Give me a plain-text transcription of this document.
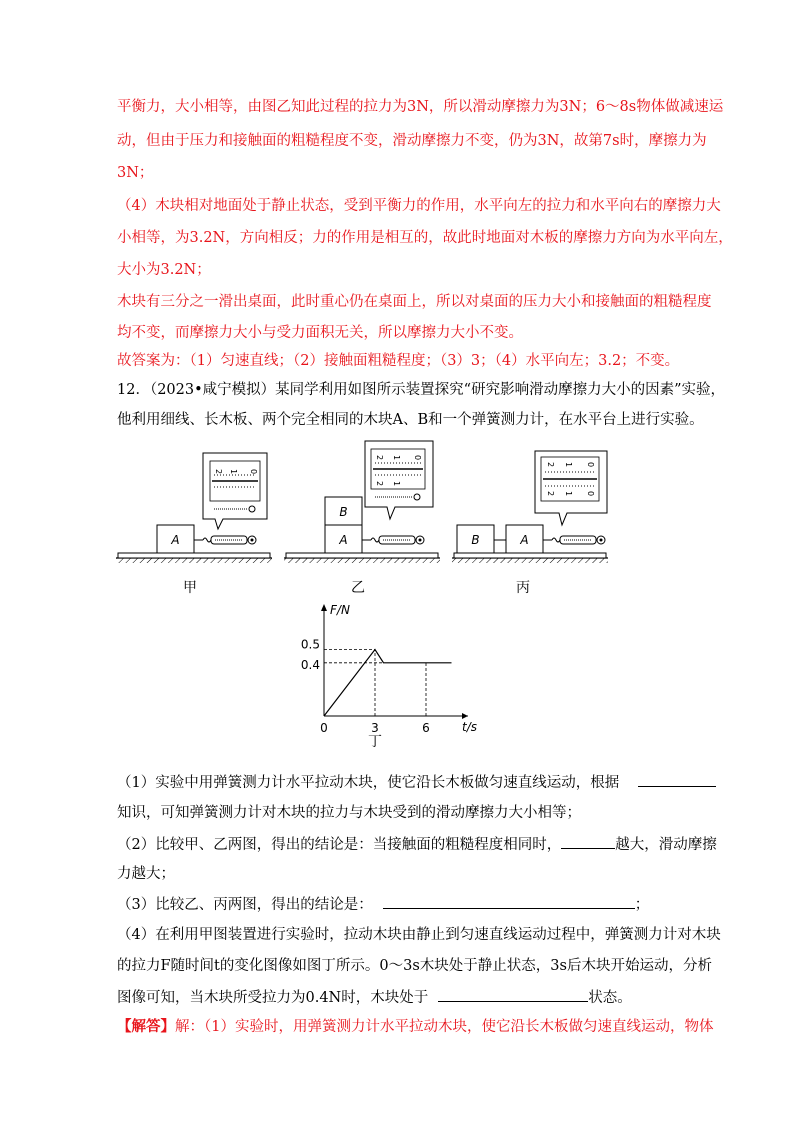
平衡力，大小相等，由图乙知此过程的拉力为3N，所以滑动摩擦力为3N；6～8s物体做减速运
动，但由于压力和接触面的粗糙程度不变，滑动摩擦力不变，仍为3N，故第7s时，摩擦力为
3N；
（4）木块相对地面处于静止状态，受到平衡力的作用，水平向左的拉力和水平向右的摩擦力大
小相等，为3.2N，方向相反；力的作用是相互的，故此时地面对木板的摩擦力方向为水平向左，
大小为3.2N；
木块有三分之一滑出桌面，此时重心仍在桌面上，所以对桌面的压力大小和接触面的粗糙程度
均不变，而摩擦力大小与受力面积无关，所以摩擦力大小不变。
故答案为：（1）匀速直线；（2）接触面粗糙程度；（3）3；（4）水平向左；3.2；不变。
12．（2023•咸宁模拟）某同学利用如图所示装置探究“研究影响滑动摩擦力大小的因素”实验，
他利用细线、长木板、两个完全相同的木块A、B和一个弹簧测力计，在水平台上进行实验。
A
2 1 0
甲
A
B
2 1 0
2 1
乙
B	A
2 1 0
2 1 0
丙
F/N
t/s
0	3	6
0.4
0.5
丁
（1）实验中用弹簧测力计水平拉动木块，使它沿长木板做匀速直线运动，根据
知识，可知弹簧测力计对木块的拉力与木块受到的滑动摩擦力大小相等；
（2）比较甲、乙两图，得出的结论是：当接触面的粗糙程度相同时，	越大，滑动摩擦
力越大；
（3）比较乙、丙两图，得出的结论是：	；
（4）在利用甲图装置进行实验时，拉动木块由静止到匀速直线运动过程中，弹簧测力计对木块
的拉力F随时间t的变化图像如图丁所示。0～3s木块处于静止状态，3s后木块开始运动，分析
图像可知，当木块所受拉力为0.4N时，木块处于	状态。
【解答】解：（1）实验时，用弹簧测力计水平拉动木块，使它沿长木板做匀速直线运动，物体
